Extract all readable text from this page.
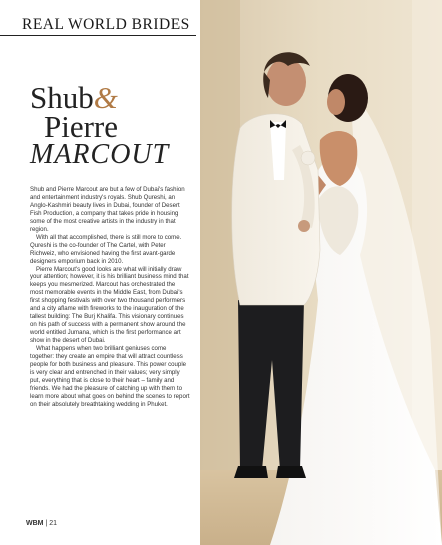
REAL WORLD BRIDES
Shub&
Pierre
MARCOUT

Shub and Pierre Marcout are but a few of Dubai's fashion and entertainment industry's royals. Shub Qureshi, an Anglo-Kashmiri beauty lives in Dubai, founder of Desert Fish Production, a company that takes pride in housing some of the most creative artists in the industry in that region.

With all that accomplished, there is still more to come. Qureshi is the co-founder of The Cartel, with Peter Richweiz, who envisioned having the first avant-garde designers emporium back in 2010.

Pierre Marcout's good looks are what will initially draw your attention; however, it is his brilliant business mind that keeps you mesmerized. Marcout has orchestrated the most memorable events in the Middle East, from Dubai's first shopping festivals with over two thousand performers and a city aflame with fireworks to the inauguration of the tallest building: The Burj Khalifa. This visionary continues on his path of success with a permanent show around the world entitled Jumana, which is the first performance art show in the desert of Dubai.

What happens when two brilliant geniuses come together: they create an empire that will attract countless people for both business and pleasure. This power couple is very clear and entrenched in their values; very simply put, everything that is close to their heart – family and friends. We had the pleasure of catching up with them to learn more about what goes on behind the scenes to report on their absolutely breathtaking wedding in Phuket.

WBM | 21
